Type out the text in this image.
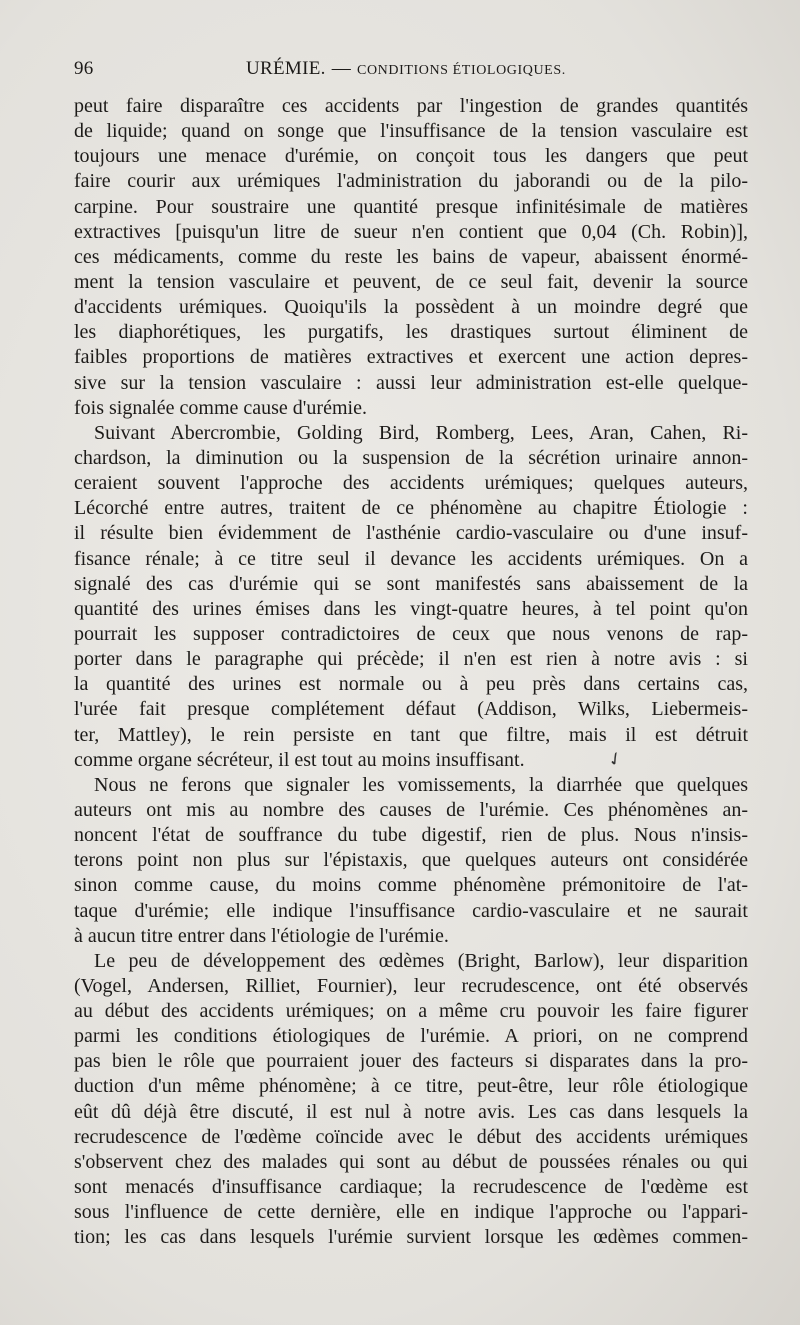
96	URÉMIE. — CONDITIONS ÉTIOLOGIQUES.
peut faire disparaître ces accidents par l'ingestion de grandes quantités
de liquide; quand on songe que l'insuffisance de la tension vasculaire est
toujours une menace d'urémie, on conçoit tous les dangers que peut
faire courir aux urémiques l'administration du jaborandi ou de la pilo-
carpine. Pour soustraire une quantité presque infinitésimale de matières
extractives [puisqu'un litre de sueur n'en contient que 0,04 (Ch. Robin)],
ces médicaments, comme du reste les bains de vapeur, abaissent énormé-
ment la tension vasculaire et peuvent, de ce seul fait, devenir la source
d'accidents urémiques. Quoiqu'ils la possèdent à un moindre degré que
les diaphorétiques, les purgatifs, les drastiques surtout éliminent de
faibles proportions de matières extractives et exercent une action depres-
sive sur la tension vasculaire : aussi leur administration est-elle quelque-
fois signalée comme cause d'urémie.
Suivant Abercrombie, Golding Bird, Romberg, Lees, Aran, Cahen, Ri-
chardson, la diminution ou la suspension de la sécrétion urinaire annon-
ceraient souvent l'approche des accidents urémiques; quelques auteurs,
Lécorché entre autres, traitent de ce phénomène au chapitre Étiologie :
il résulte bien évidemment de l'asthénie cardio-vasculaire ou d'une insuf-
fisance rénale; à ce titre seul il devance les accidents urémiques. On a
signalé des cas d'urémie qui se sont manifestés sans abaissement de la
quantité des urines émises dans les vingt-quatre heures, à tel point qu'on
pourrait les supposer contradictoires de ceux que nous venons de rap-
porter dans le paragraphe qui précède; il n'en est rien à notre avis : si
la quantité des urines est normale ou à peu près dans certains cas,
l'urée fait presque complétement défaut (Addison, Wilks, Liebermeis-
ter, Mattley), le rein persiste en tant que filtre, mais il est détruit
comme organe sécréteur, il est tout au moins insuffisant.
Nous ne ferons que signaler les vomissements, la diarrhée que quelques
auteurs ont mis au nombre des causes de l'urémie. Ces phénomènes an-
noncent l'état de souffrance du tube digestif, rien de plus. Nous n'insis-
terons point non plus sur l'épistaxis, que quelques auteurs ont considérée
sinon comme cause, du moins comme phénomène prémonitoire de l'at-
taque d'urémie; elle indique l'insuffisance cardio-vasculaire et ne saurait
à aucun titre entrer dans l'étiologie de l'urémie.
Le peu de développement des œdèmes (Bright, Barlow), leur disparition
(Vogel, Andersen, Rilliet, Fournier), leur recrudescence, ont été observés
au début des accidents urémiques; on a même cru pouvoir les faire figurer
parmi les conditions étiologiques de l'urémie. A priori, on ne comprend
pas bien le rôle que pourraient jouer des facteurs si disparates dans la pro-
duction d'un même phénomène; à ce titre, peut-être, leur rôle étiologique
eût dû déjà être discuté, il est nul à notre avis. Les cas dans lesquels la
recrudescence de l'œdème coïncide avec le début des accidents urémiques
s'observent chez des malades qui sont au début de poussées rénales ou qui
sont menacés d'insuffisance cardiaque; la recrudescence de l'œdème est
sous l'influence de cette dernière, elle en indique l'approche ou l'appari-
tion; les cas dans lesquels l'urémie survient lorsque les œdèmes commen-
✓
